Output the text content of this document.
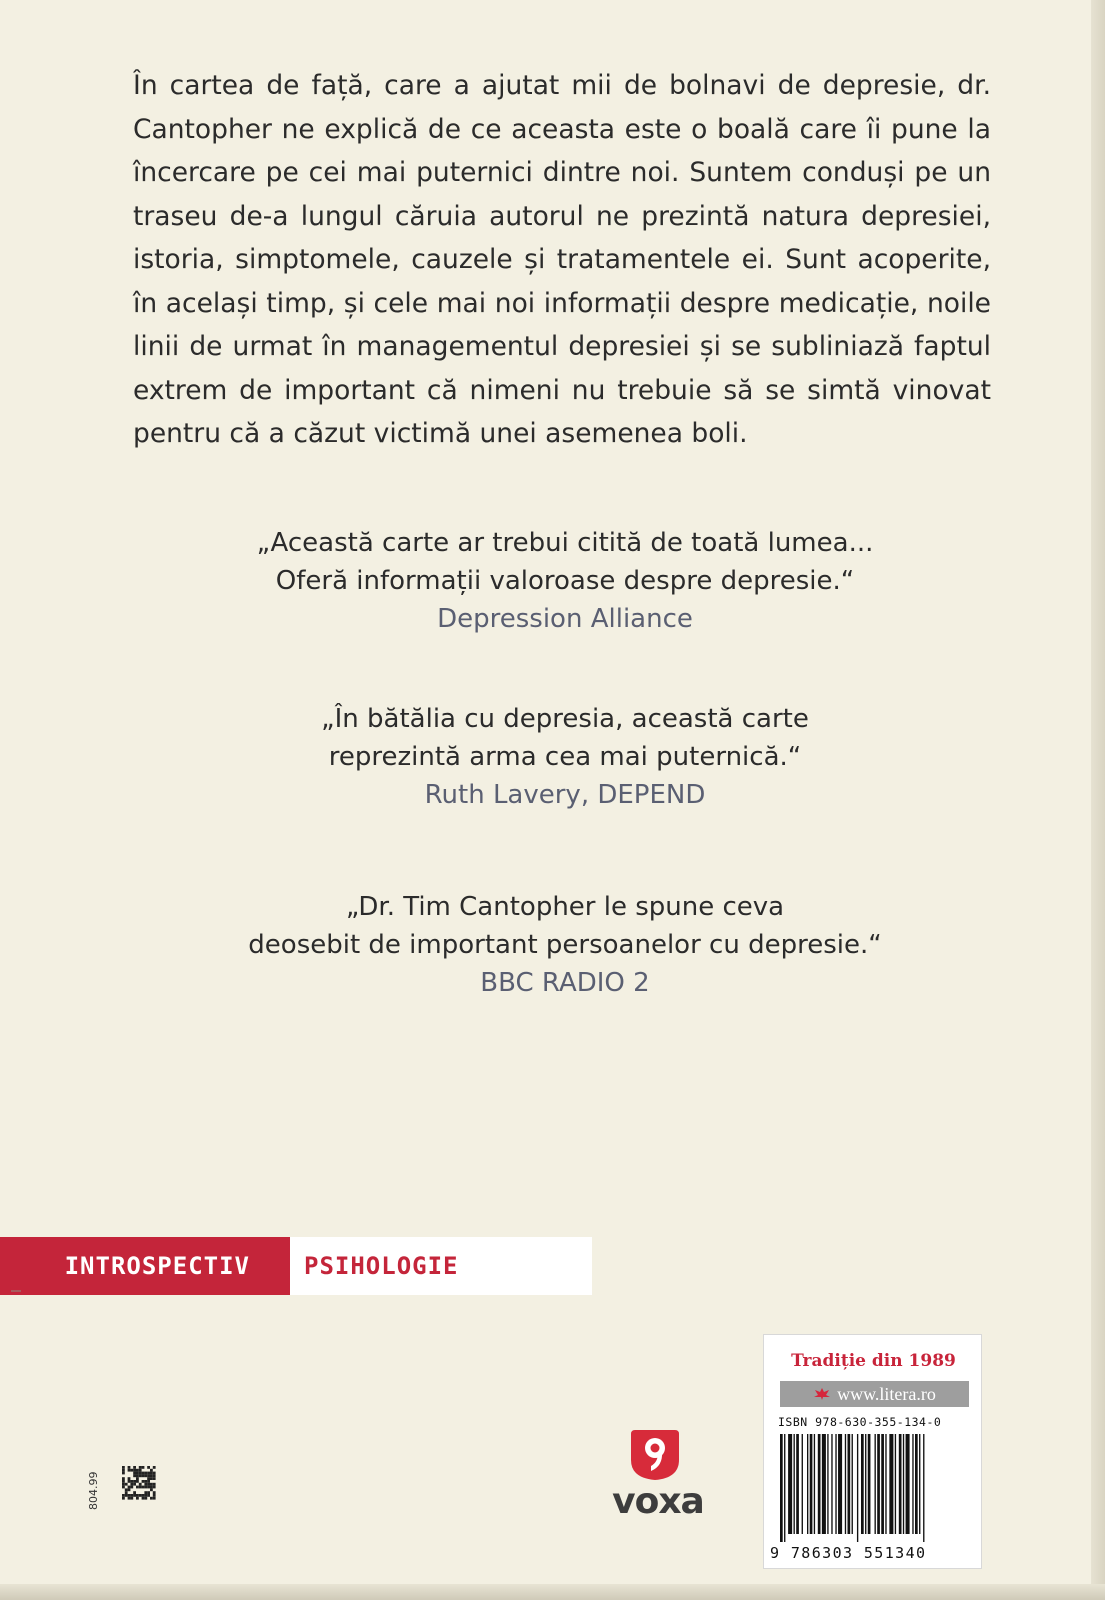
În cartea de față, care a ajutat mii de bolnavi de depresie, dr. Cantopher ne explică de ce aceasta este o boală care îi pune la încercare pe cei mai puternici dintre noi. Suntem conduși pe un traseu de-a lungul căruia autorul ne prezintă natura depresiei, istoria, simptomele, cauzele și tratamentele ei. Sunt acoperite, în același timp, și cele mai noi informații despre medicație, noile linii de urmat în managementul depresiei și se subliniază faptul extrem de important că nimeni nu trebuie să se simtă vinovat pentru că a căzut victimă unei asemenea boli.

„Această carte ar trebui citită de toată lumea...
Oferă informații valoroase despre depresie.“
Depression Alliance
„În bătălia cu depresia, această carte
reprezintă arma cea mai puternică.“
Ruth Lavery, DEPEND
„Dr. Tim Cantopher le spune ceva
deosebit de important persoanelor cu depresie.“
BBC RADIO 2
INTROSPECTIV	PSIHOLOGIE
Tradiție din 1989
www.litera.ro
ISBN 978-630-355-134-0
9 786303 551340
voxa
804.99
